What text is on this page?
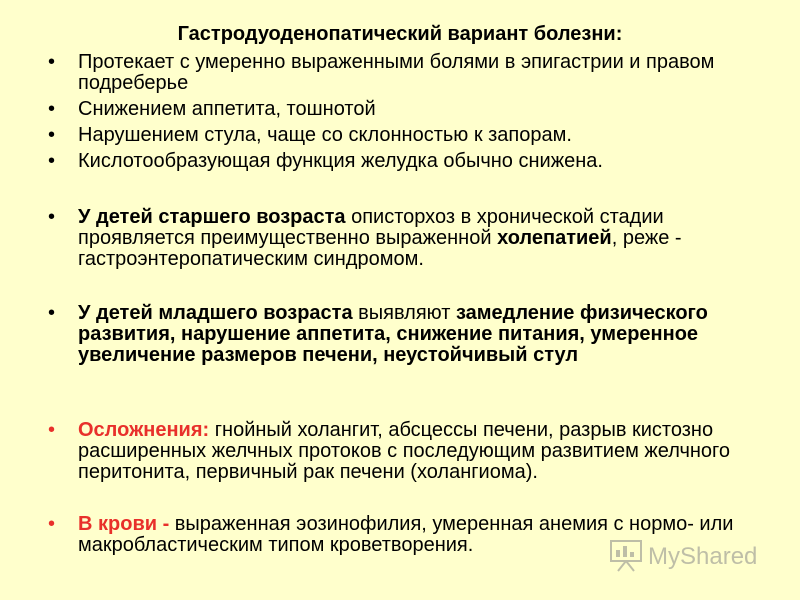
Гастродуоденопатический вариант болезни:

• Протекает с умеренно выраженными болями в эпигастрии и правом подреберье

• Снижением аппетита, тошнотой

• Нарушением стула, чаще со склонностью к запорам.

• Кислотообразующая функция желудка обычно снижена.

• У детей старшего возраста описторхоз в хронической стадии проявляется преимущественно выраженной холепатией, реже - гастроэнтеропатическим синдромом.

• У детей младшего возраста выявляют замедление физического развития, нарушение аппетита, снижение питания, умеренное увеличение размеров печени, неустойчивый стул

• Осложнения: гнойный холангит, абсцессы печени, разрыв кистозно расширенных желчных протоков с последующим развитием желчного перитонита, первичный рак печени (холангиома).

• В крови - выраженная эозинофилия, умеренная анемия с нормо- или макробластическим типом кроветворения.	MyShared
